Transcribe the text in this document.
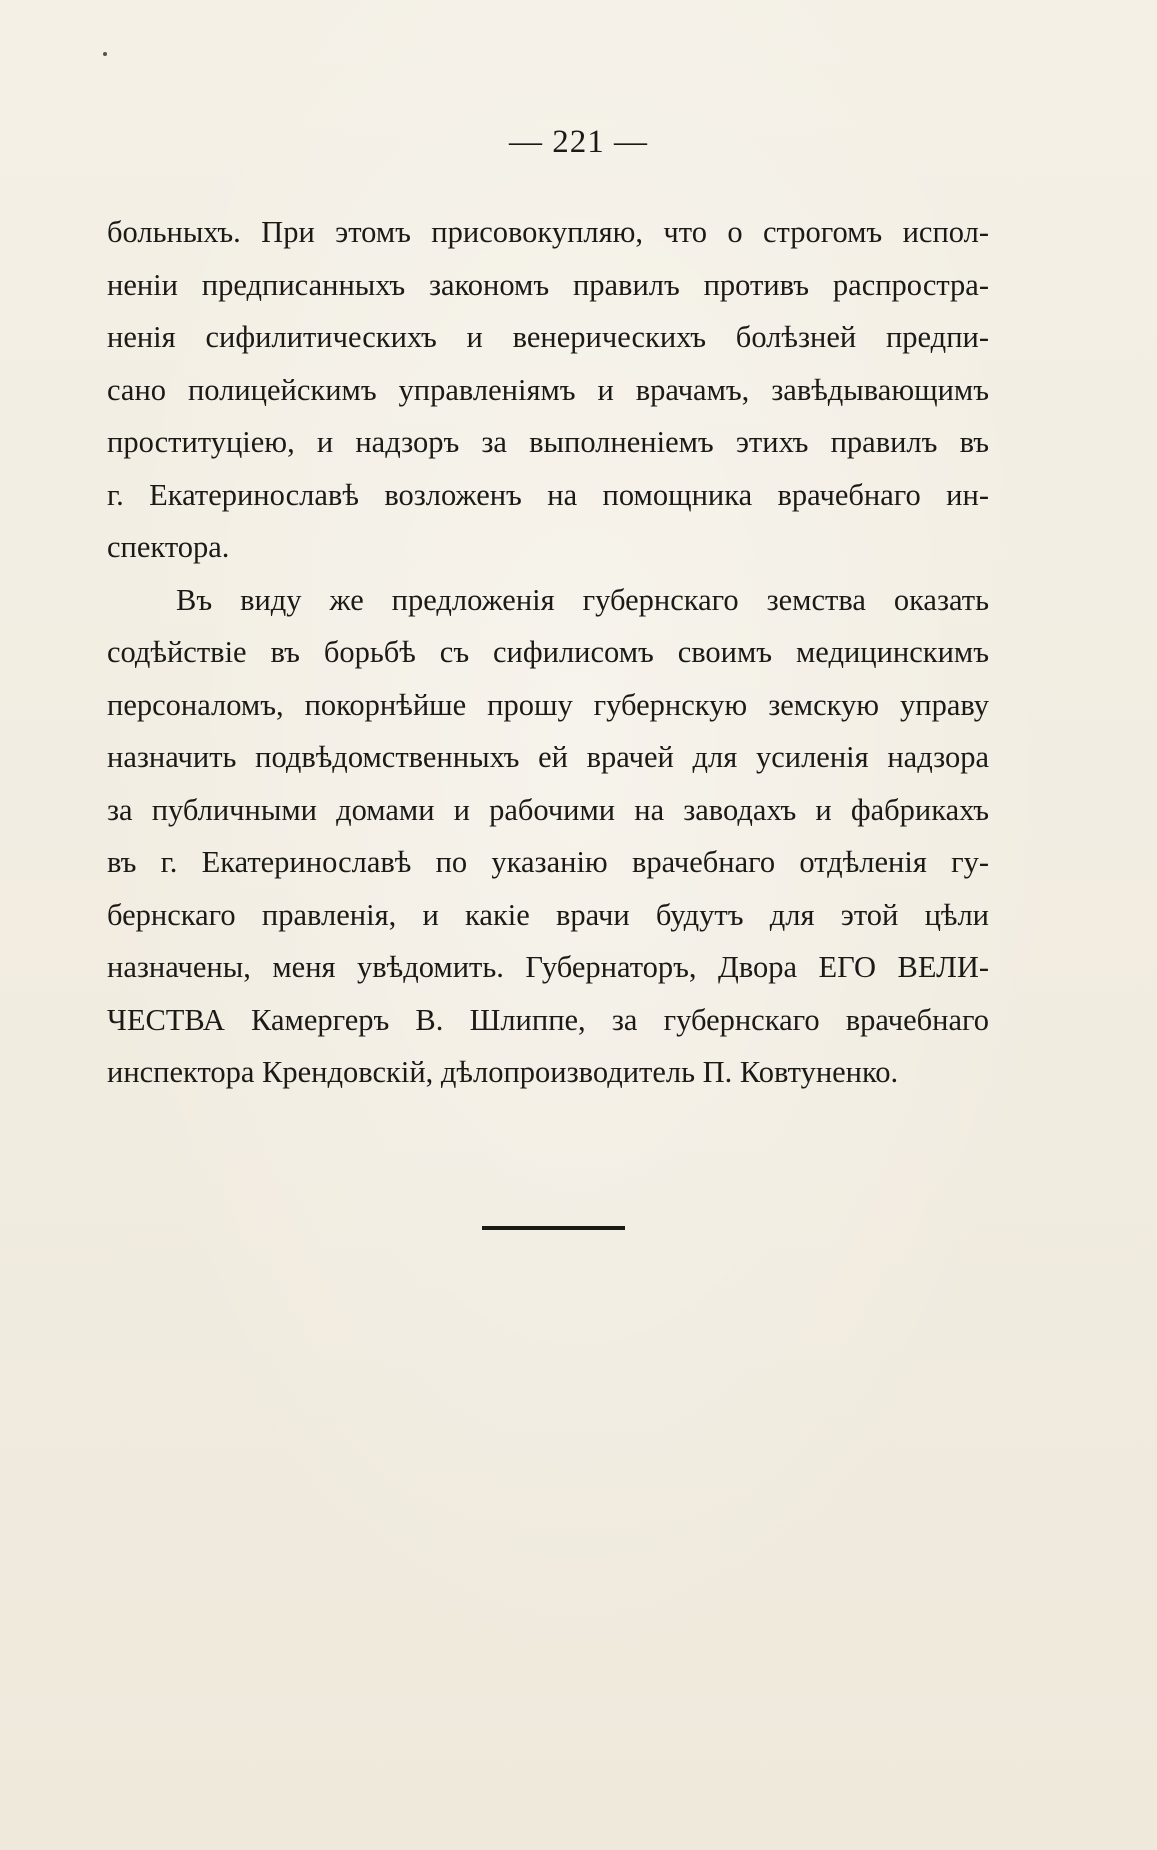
— 221 —
больныхъ. При этомъ присовокупляю, что о строгомъ испол-
неніи предписанныхъ закономъ правилъ противъ распростра-
ненія сифилитическихъ и венерическихъ болѣзней предпи-
сано полицейскимъ управленіямъ и врачамъ, завѣдывающимъ
проституціею, и надзоръ за выполненіемъ этихъ правилъ въ
г. Екатеринославѣ возложенъ на помощника врачебнаго ин-
спектора.
Въ виду же предложенія губернскаго земства оказать
содѣйствіе въ борьбѣ съ сифилисомъ своимъ медицинскимъ
персоналомъ, покорнѣйше прошу губернскую земскую управу
назначить подвѣдомственныхъ ей врачей для усиленія надзора
за публичными домами и рабочими на заводахъ и фабрикахъ
въ г. Екатеринославѣ по указанію врачебнаго отдѣленія гу-
бернскаго правленія, и какіе врачи будутъ для этой цѣли
назначены, меня увѣдомить. Губернаторъ, Двора ЕГО ВЕЛИ-
ЧЕСТВА Камергеръ В. Шлиппе, за губернскаго врачебнаго
инспектора Крендовскій, дѣлопроизводитель П. Ковтуненко.
